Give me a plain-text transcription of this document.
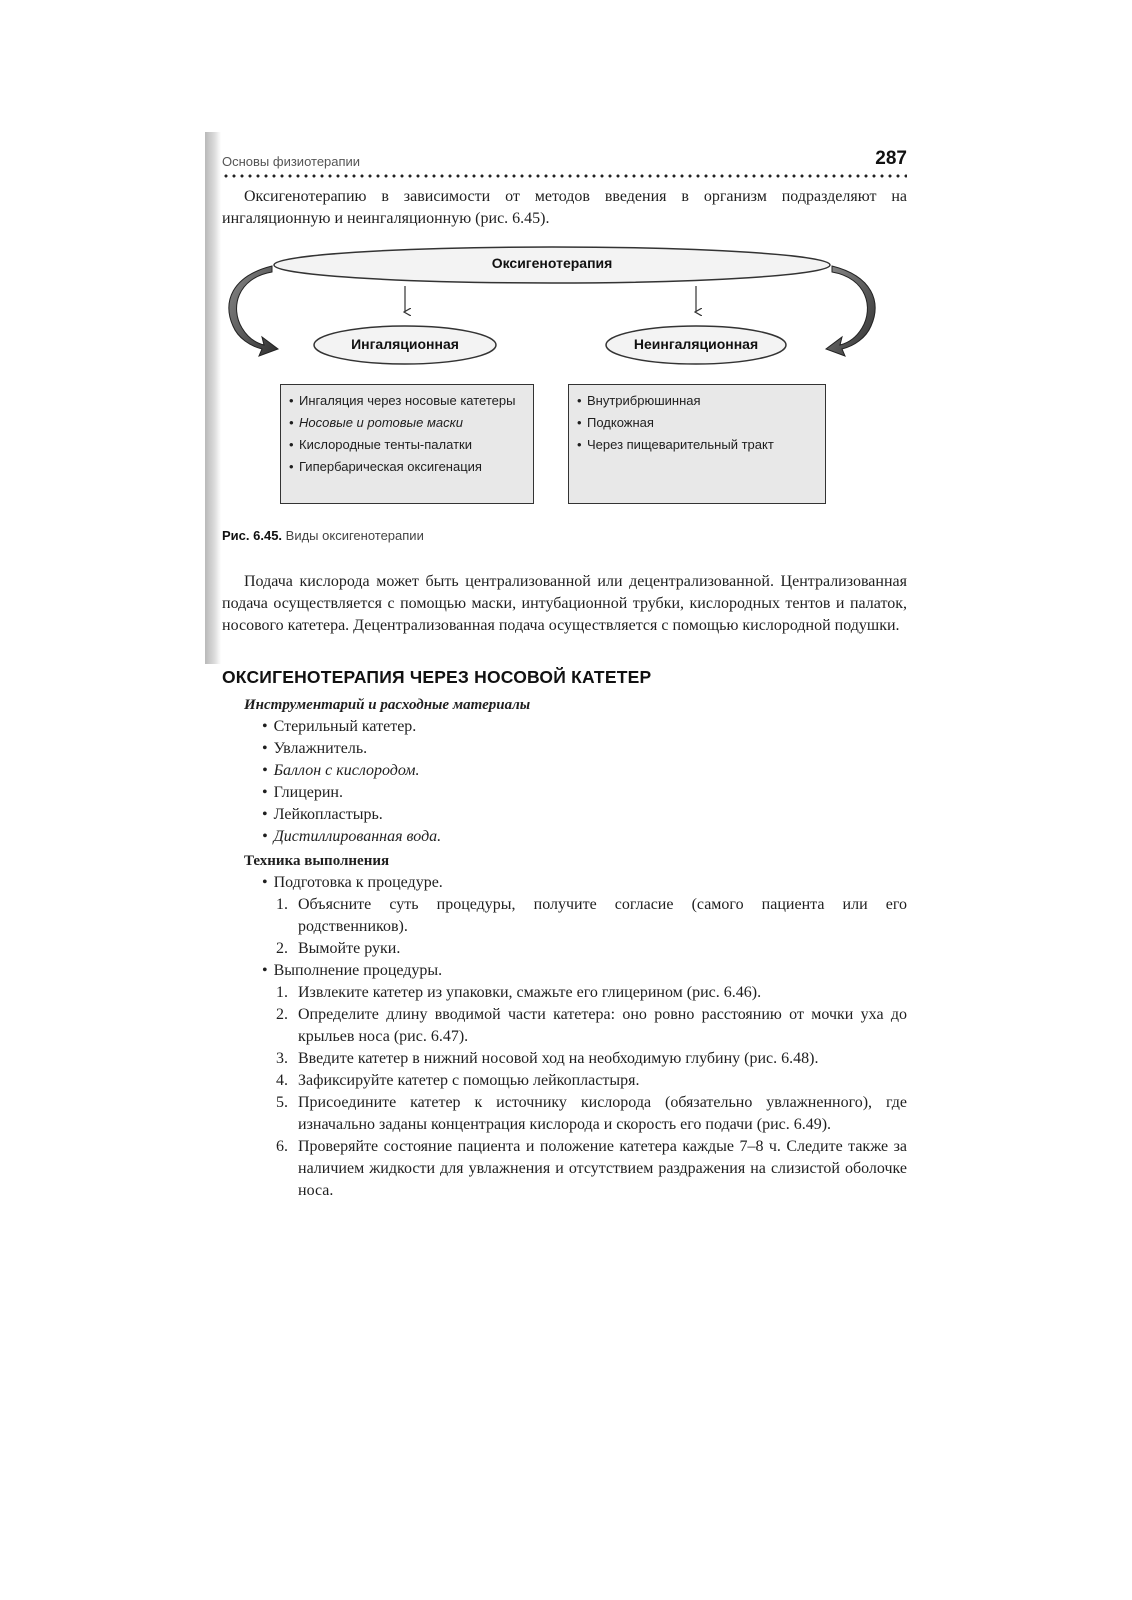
Основы физиотерапии	287

Оксигенотерапию в зависимости от методов введения в организм подразделяют на ингаляционную и неингаляционную (рис. 6.45).

Оксигенотерапия
Ингаляционная	Неингаляционная
• Ингаляция через носовые катетеры
• Носовые и ротовые маски
• Кислородные тенты-палатки
• Гипербарическая оксигенация
• Внутрибрюшинная
• Подкожная
• Через пищеварительный тракт
Рис. 6.45. Виды оксигенотерапии

Подача кислорода может быть централизованной или децентрализованной. Централизованная подача осуществляется с помощью маски, интубационной трубки, кислородных тентов и палаток, носового катетера. Децентрализованная подача осуществляется с помощью кислородной подушки.

ОКСИГЕНОТЕРАПИЯ ЧЕРЕЗ НОСОВОЙ КАТЕТЕР
Инструментарий и расходные материалы
• Стерильный катетер.
• Увлажнитель.
• Баллон с кислородом.
• Глицерин.
• Лейкопластырь.
• Дистиллированная вода.
Техника выполнения
• Подготовка к процедуре.
1. Объясните суть процедуры, получите согласие (самого пациента или его родственников).
2. Вымойте руки.
• Выполнение процедуры.
1. Извлеките катетер из упаковки, смажьте его глицерином (рис. 6.46).
2. Определите длину вводимой части катетера: оно ровно расстоянию от мочки уха до крыльев носа (рис. 6.47).
3. Введите катетер в нижний носовой ход на необходимую глубину (рис. 6.48).
4. Зафиксируйте катетер с помощью лейкопластыря.
5. Присоедините катетер к источнику кислорода (обязательно увлажненного), где изначально заданы концентрация кислорода и скорость его подачи (рис. 6.49).
6. Проверяйте состояние пациента и положение катетера каждые 7–8 ч. Следите также за наличием жидкости для увлажнения и отсутствием раздражения на слизистой оболочке носа.
